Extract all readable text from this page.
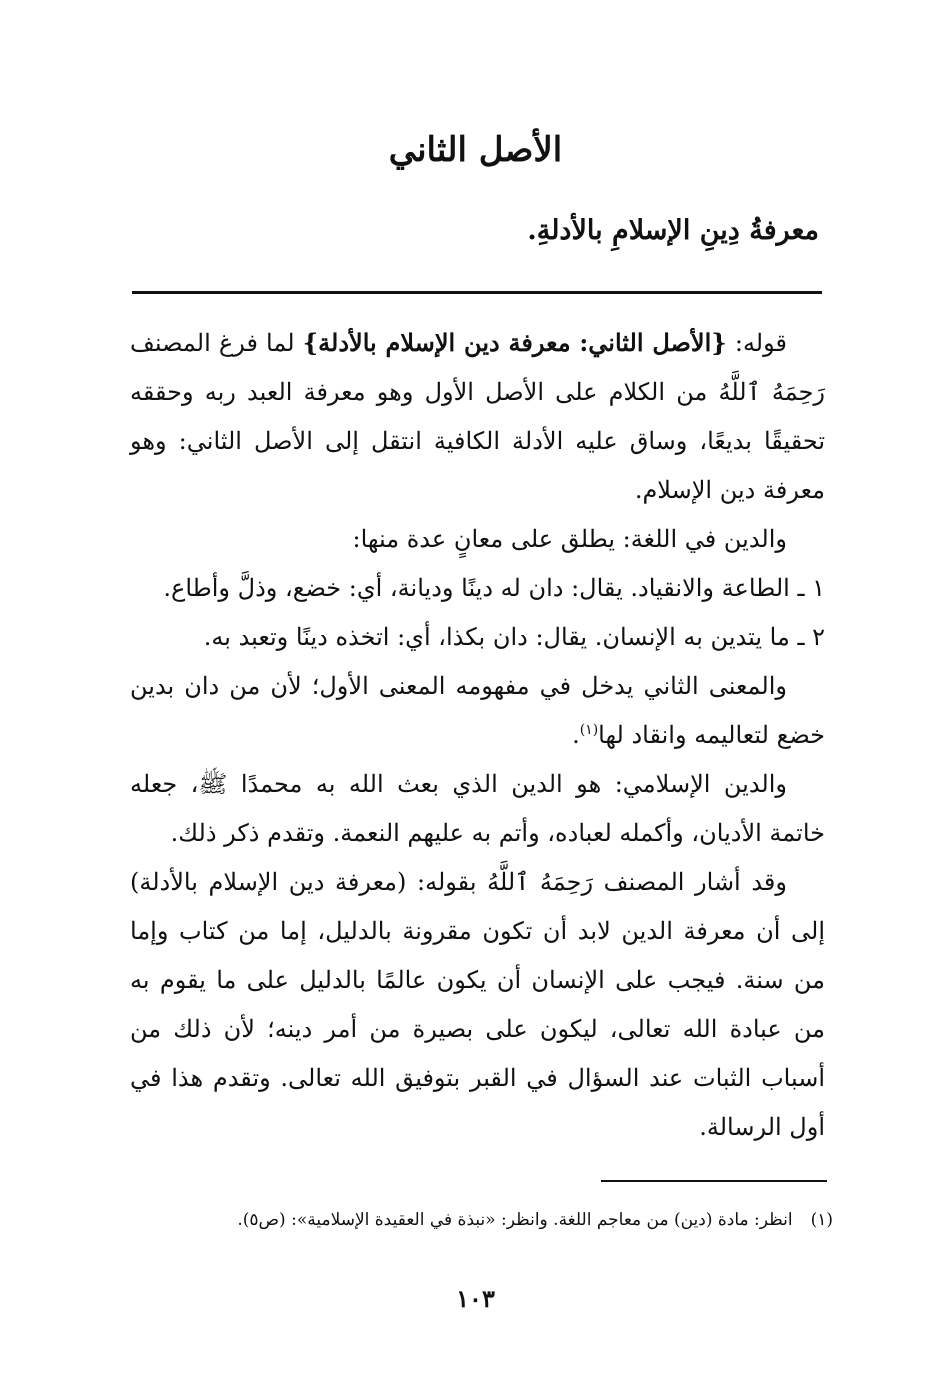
الأصل الثاني

معرفةُ دِينِ الإسلامِ بالأدلةِ.

قوله: {الأصل الثاني: معرفة دين الإسلام بالأدلة} لما فرغ المصنف رَحِمَهُ ٱللَّهُ من الكلام على الأصل الأول وهو معرفة العبد ربه وحققه تحقيقًا بديعًا، وساق عليه الأدلة الكافية انتقل إلى الأصل الثاني: وهو معرفة دين الإسلام.

والدين في اللغة: يطلق على معانٍ عدة منها:

١ ـ الطاعة والانقياد. يقال: دان له دينًا وديانة، أي: خضع، وذلَّ وأطاع.

٢ ـ ما يتدين به الإنسان. يقال: دان بكذا، أي: اتخذه دينًا وتعبد به.

والمعنى الثاني يدخل في مفهومه المعنى الأول؛ لأن من دان بدين خضع لتعاليمه وانقاد لها$^{(١)}$.

والدين الإسلامي: هو الدين الذي بعث الله به محمدًا ﷺ، جعله خاتمة الأديان، وأكمله لعباده، وأتم به عليهم النعمة. وتقدم ذكر ذلك.

وقد أشار المصنف رَحِمَهُ ٱللَّهُ بقوله: (معرفة دين الإسلام بالأدلة) إلى أن معرفة الدين لابد أن تكون مقرونة بالدليل، إما من كتاب وإما من سنة. فيجب على الإنسان أن يكون عالمًا بالدليل على ما يقوم به من عبادة الله تعالى، ليكون على بصيرة من أمر دينه؛ لأن ذلك من أسباب الثبات عند السؤال في القبر بتوفيق الله تعالى. وتقدم هذا في أول الرسالة.

(١)انظر: مادة (دين) من معاجم اللغة. وانظر: «نبذة في العقيدة الإسلامية»: (ص٥).

١٠٣
